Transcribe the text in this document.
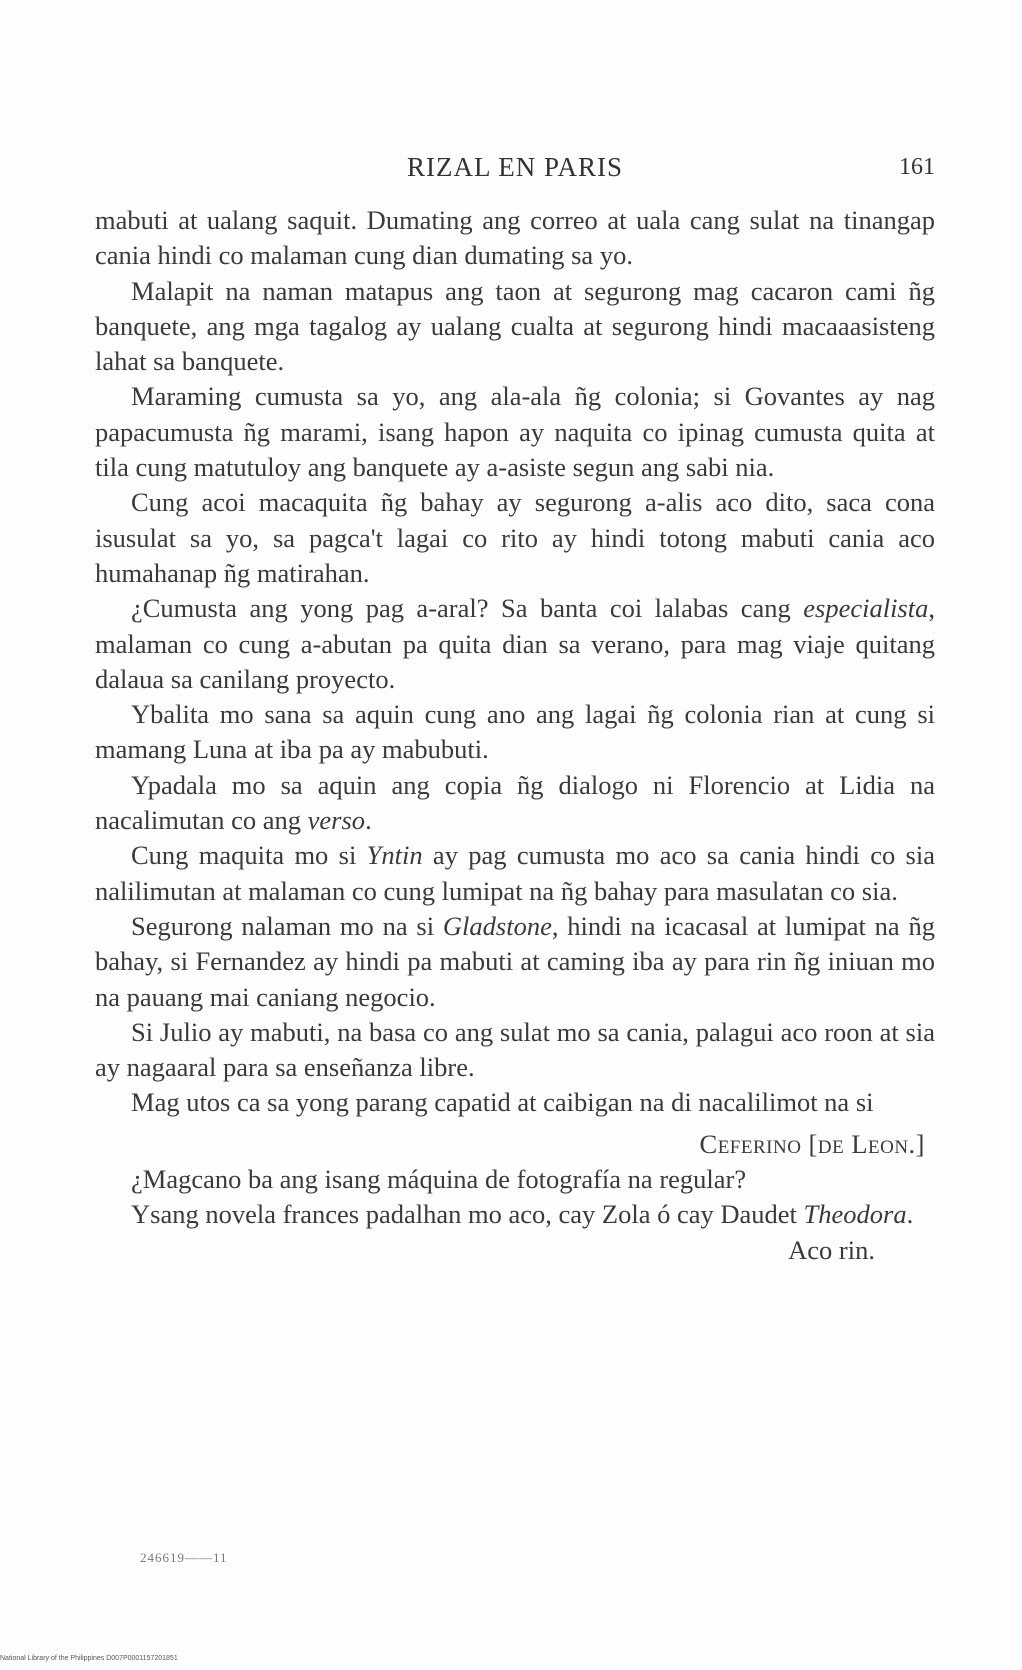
RIZAL EN PARIS	161

mabuti at ualang saquit. Dumating ang correo at uala cang sulat na tinangap cania hindi co malaman cung dian dumating sa yo.

Malapit na naman matapus ang taon at segurong mag cacaron cami ñg banquete, ang mga tagalog ay ualang cualta at segurong hindi macaaasisteng lahat sa banquete.

Maraming cumusta sa yo, ang ala-ala ñg colonia; si Govantes ay nag papacumusta ñg marami, isang hapon ay naquita co ipinag cumusta quita at tila cung matutuloy ang banquete ay a-asiste segun ang sabi nia.

Cung acoi macaquita ñg bahay ay segurong a-alis aco dito, saca cona isusulat sa yo, sa pagca't lagai co rito ay hindi totong mabuti cania aco humahanap ñg matirahan.

¿Cumusta ang yong pag a-aral? Sa banta coi lalabas cang especialista, malaman co cung a-abutan pa quita dian sa verano, para mag viaje quitang dalaua sa canilang proyecto.

Ybalita mo sana sa aquin cung ano ang lagai ñg colonia rian at cung si mamang Luna at iba pa ay mabubuti.

Ypadala mo sa aquin ang copia ñg dialogo ni Florencio at Lidia na nacalimutan co ang verso.

Cung maquita mo si Yntin ay pag cumusta mo aco sa cania hindi co sia nalilimutan at malaman co cung lumipat na ñg bahay para masulatan co sia.

Segurong nalaman mo na si Gladstone, hindi na icacasal at lumipat na ñg bahay, si Fernandez ay hindi pa mabuti at caming iba ay para rin ñg iniuan mo na pauang mai caniang negocio.

Si Julio ay mabuti, na basa co ang sulat mo sa cania, palagui aco roon at sia ay nagaaral para sa enseñanza libre.

Mag utos ca sa yong parang capatid at caibigan na di nacalilimot na si

Ceferino [de Leon.]

¿Magcano ba ang isang máquina de fotografía na regular?

Ysang novela frances padalhan mo aco, cay Zola ó cay Daudet Theodora.

Aco rin.
246619——11
National Library of the Philippines D007P0001157201851
